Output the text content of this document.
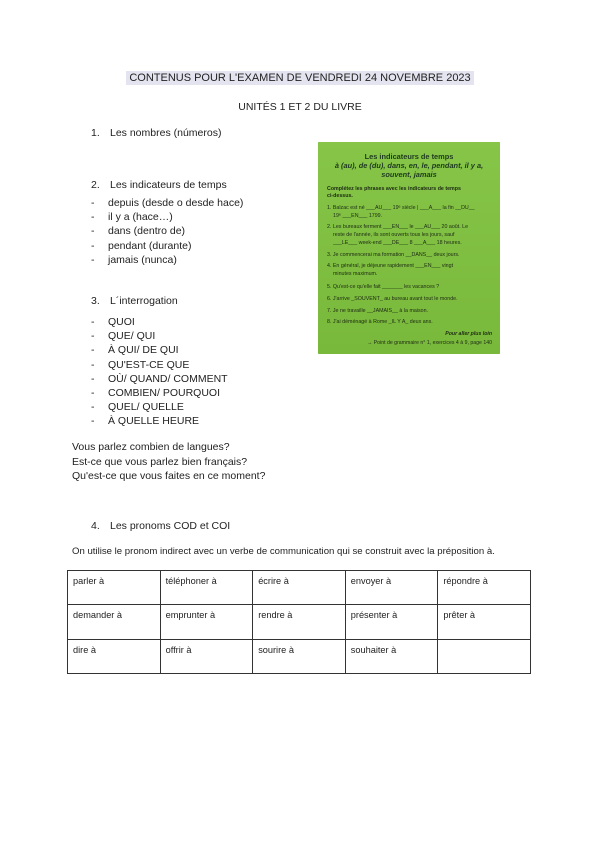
CONTENUS POUR L'EXAMEN DE VENDREDI 24 NOVEMBRE 2023
UNITÉS 1 ET 2 DU LIVRE
1. Les nombres (números)
2. Les indicateurs de temps
- depuis (desde o desde hace)
- il y a (hace…)
- dans (dentro de)
- pendant (durante)
- jamais (nunca)
3. L´interrogation
- QUOI
- QUE/ QUI
- À QUI/ DE QUI
- QU'EST-CE QUE
- OÙ/ QUAND/ COMMENT
- COMBIEN/ POURQUOI
- QUEL/ QUELLE
- À QUELLE HEURE
Vous parlez combien de langues?
Est-ce que vous parlez bien français?
Qu'est-ce que vous faites en ce moment?
4. Les pronoms COD et COI
On utilise le pronom indirect avec un verbe de communication qui se construit avec la préposition à.
parler à	téléphoner à	écrire à	envoyer à	répondre à
demander à	emprunter à	rendre à	présenter à	prêter à
dire à	offrir à	sourire à	souhaiter à	
Les indicateurs de temps
à (au), de (du), dans, en, le, pendant, il y a,
souvent, jamais
Complétez les phrases avec les indicateurs de temps
ci-dessus.
1. Balzac est né ___AU___ 19ᵉ siècle | ___À___ la fin __DU__
19ᵉ ___EN___ 1799.
2. Les bureaux ferment ___EN___ le ___AU___ 20 août. Le
reste de l'année, ils sont ouverts tous les jours, sauf
___LE___ week-end ___DE___ 8 ___À___ 18 heures.
3. Je commencerai ma formation __DANS__ deux jours.
4. En général, je déjeune rapidement ___EN___ vingt
minutes maximum.
5. Qu'est-ce qu'elle fait _______ les vacances ?
6. J'arrive _SOUVENT_ au bureau avant tout le monde.
7. Je ne travaille __JAMAIS__ à la maison.
8. J'ai déménagé à Rome _IL Y A_ deux ans.
Pour aller plus loin
→ Point de grammaire n° 1, exercices 4 à 9, page 140
